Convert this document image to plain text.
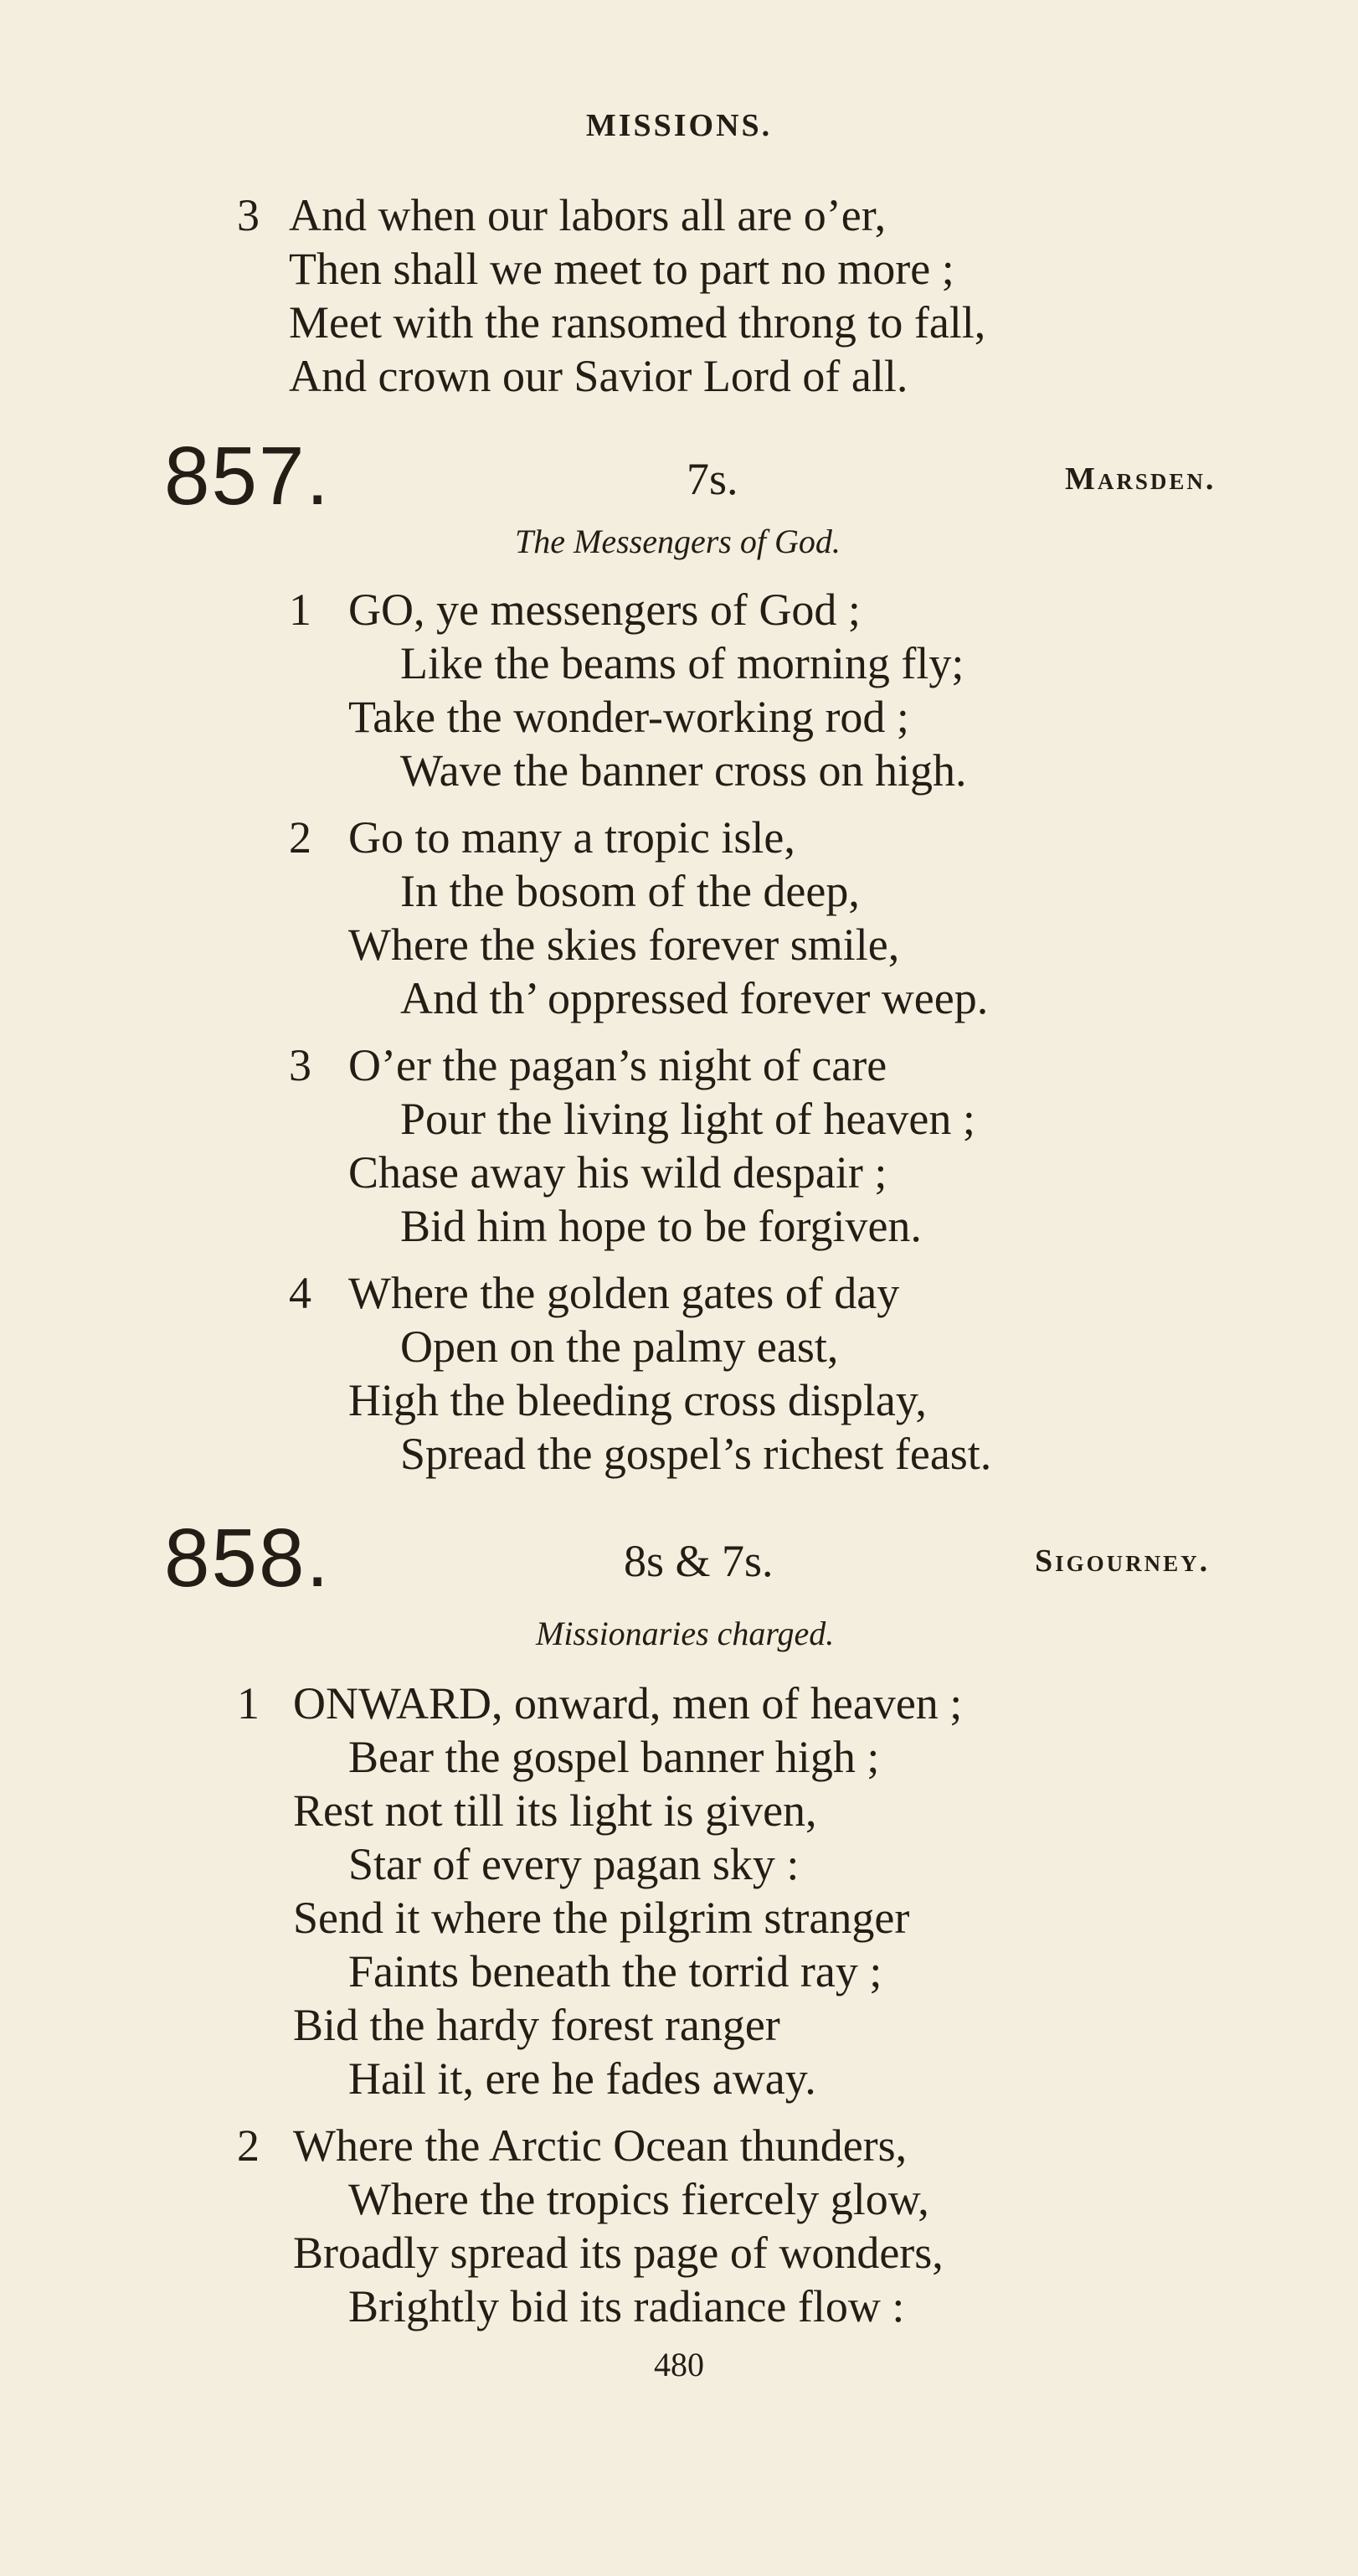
MISSIONS.
3 And when our labors all are o’er,
Then shall we meet to part no more ;
Meet with the ransomed throng to fall,
And crown our Savior Lord of all.
857.	7s.	Marsden.
The Messengers of God.
1 GO, ye messengers of God ;
Like the beams of morning fly;
Take the wonder-working rod ;
Wave the banner cross on high.
2 Go to many a tropic isle,
In the bosom of the deep,
Where the skies forever smile,
And th’ oppressed forever weep.
3 O’er the pagan’s night of care
Pour the living light of heaven ;
Chase away his wild despair ;
Bid him hope to be forgiven.
4 Where the golden gates of day
Open on the palmy east,
High the bleeding cross display,
Spread the gospel’s richest feast.
858.	8s & 7s.	Sigourney.
Missionaries charged.
1 ONWARD, onward, men of heaven ;
Bear the gospel banner high ;
Rest not till its light is given,
Star of every pagan sky :
Send it where the pilgrim stranger
Faints beneath the torrid ray ;
Bid the hardy forest ranger
Hail it, ere he fades away.
2 Where the Arctic Ocean thunders,
Where the tropics fiercely glow,
Broadly spread its page of wonders,
Brightly bid its radiance flow :
480
